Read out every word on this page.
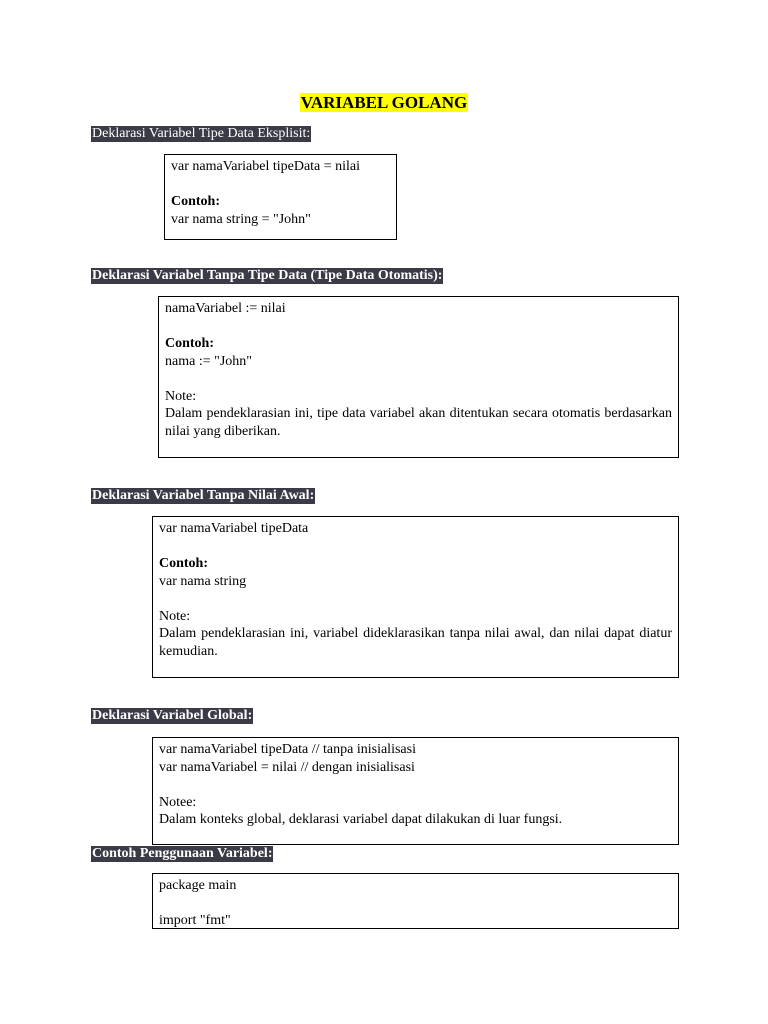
VARIABEL GOLANG
Deklarasi Variabel Tipe Data Eksplisit:
var namaVariabel tipeData = nilai
Contoh:
var nama string = "John"
Deklarasi Variabel Tanpa Tipe Data (Tipe Data Otomatis):
namaVariabel := nilai
Contoh:
nama := "John"
Note:
Dalam pendeklarasian ini, tipe data variabel akan ditentukan secara otomatis berdasarkan nilai yang diberikan.
Deklarasi Variabel Tanpa Nilai Awal:
var namaVariabel tipeData
Contoh:
var nama string
Note:
Dalam pendeklarasian ini, variabel dideklarasikan tanpa nilai awal, dan nilai dapat diatur kemudian.
Deklarasi Variabel Global:
var namaVariabel tipeData // tanpa inisialisasi
var namaVariabel = nilai // dengan inisialisasi
Notee:
Dalam konteks global, deklarasi variabel dapat dilakukan di luar fungsi.
Contoh Penggunaan Variabel:
package main
import "fmt"
